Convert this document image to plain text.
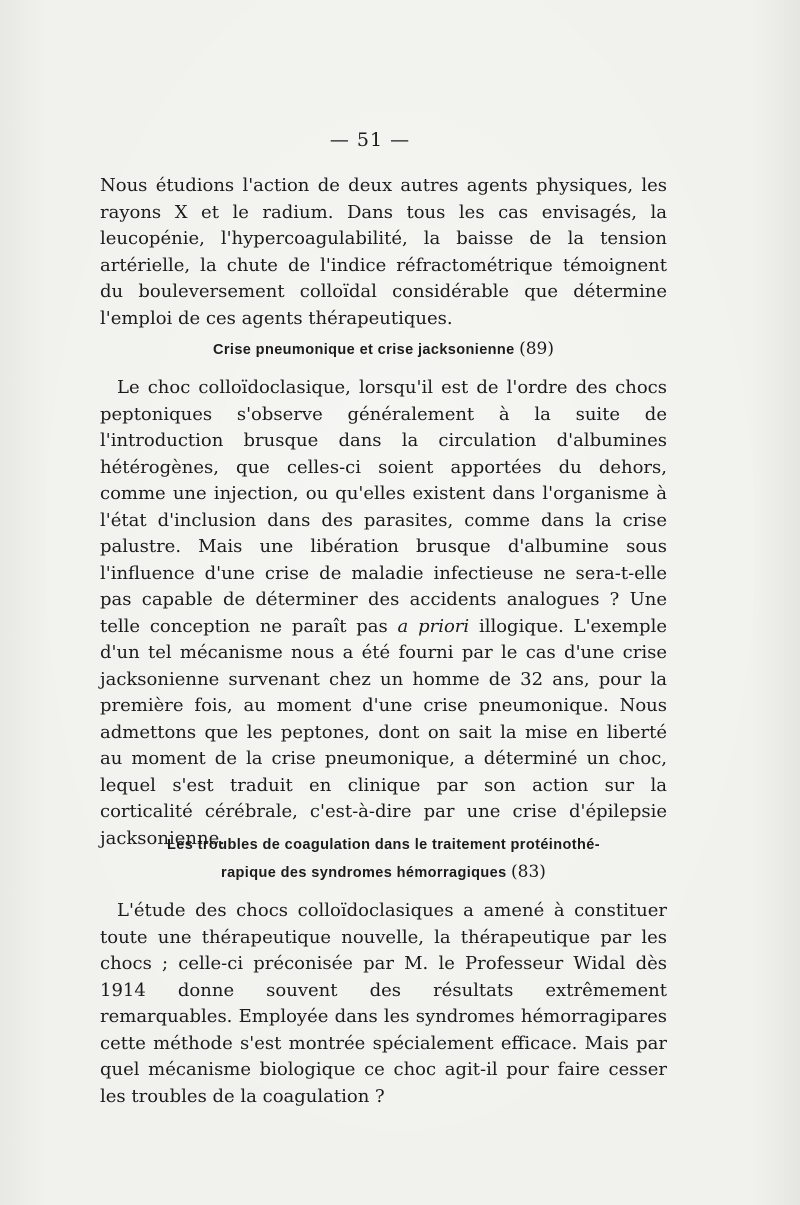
— 51 —

Nous étudions l'action de deux autres agents physiques, les rayons X et le radium. Dans tous les cas envisagés, la leucopénie, l'hypercoagulabilité, la baisse de la tension artérielle, la chute de l'indice réfractométrique témoignent du bouleversement colloïdal considérable que détermine l'emploi de ces agents thérapeutiques.

Crise pneumonique et crise jacksonienne (89)

Le choc colloïdoclasique, lorsqu'il est de l'ordre des chocs peptoniques s'observe généralement à la suite de l'introduction brusque dans la circulation d'albumines hétérogènes, que celles-ci soient apportées du dehors, comme une injection, ou qu'elles existent dans l'organisme à l'état d'inclusion dans des parasites, comme dans la crise palustre. Mais une libération brusque d'albumine sous l'influence d'une crise de maladie infectieuse ne sera-t-elle pas capable de déterminer des accidents analogues ? Une telle conception ne paraît pas a priori illogique. L'exemple d'un tel mécanisme nous a été fourni par le cas d'une crise jacksonienne survenant chez un homme de 32 ans, pour la première fois, au moment d'une crise pneumonique. Nous admettons que les peptones, dont on sait la mise en liberté au moment de la crise pneumonique, a déterminé un choc, lequel s'est traduit en clinique par son action sur la corticalité cérébrale, c'est-à-dire par une crise d'épilepsie jacksonienne.

Les troubles de coagulation dans le traitement protéinothé-
rapique des syndromes hémorragiques (83)

L'étude des chocs colloïdoclasiques a amené à constituer toute une thérapeutique nouvelle, la thérapeutique par les chocs ; celle-ci préconisée par M. le Professeur Widal dès 1914 donne souvent des résultats extrêmement remarquables. Employée dans les syndromes hémorragipares cette méthode s'est montrée spécialement efficace. Mais par quel mécanisme biologique ce choc agit-il pour faire cesser les troubles de la coagulation ?
